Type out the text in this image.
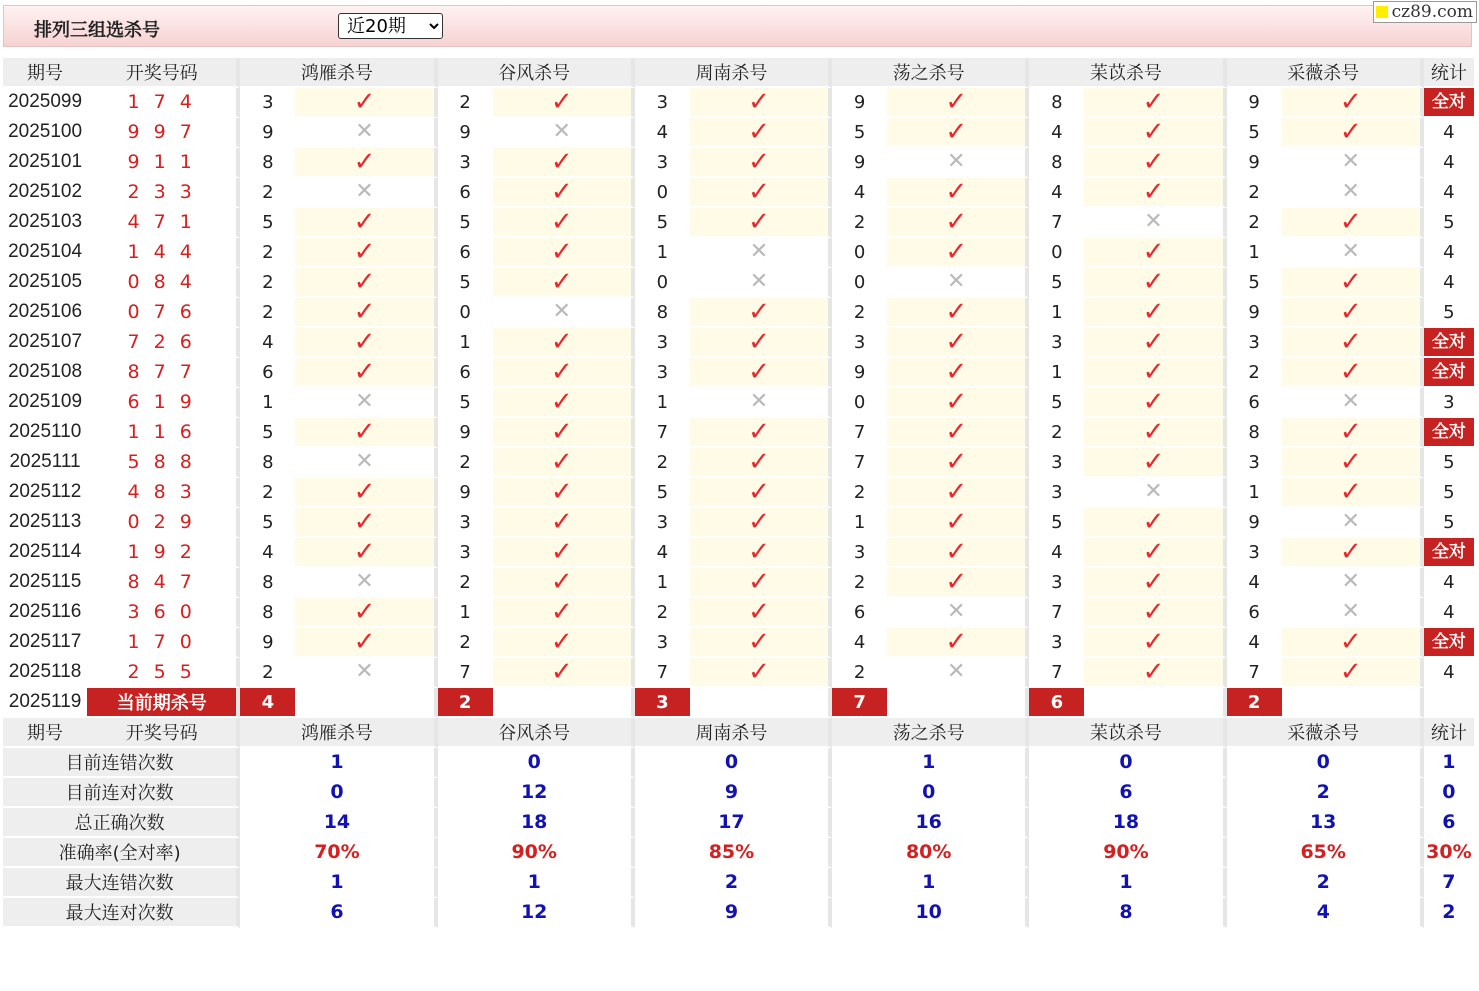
排列三组选杀号
近20期
cz89.com
期号	开奖号码	鸿雁杀号		谷风杀号		周南杀号		荡之杀号		苿苡杀号		采薇杀号		统计
2025099	1 7 4	3	✓	2	✓	3	✓	9	✓	8	✓	9	✓	全对

2025100	9 9 7	9	✕	9	✕	4	✓	5	✓	4	✓	5	✓	4
2025101	9 1 1	8	✓	3	✓	3	✓	9	✕	8	✓	9	✕	4
2025102	2 3 3	2	✕	6	✓	0	✓	4	✓	4	✓	2	✕	4
2025103	4 7 1	5	✓	5	✓	5	✓	2	✓	7	✕	2	✓	5
2025104	1 4 4	2	✓	6	✓	1	✕	0	✓	0	✓	1	✕	4
2025105	0 8 4	2	✓	5	✓	0	✕	0	✕	5	✓	5	✓	4
2025106	0 7 6	2	✓	0	✕	8	✓	2	✓	1	✓	9	✓	5
2025107	7 2 6	4	✓	1	✓	3	✓	3	✓	3	✓	3	✓	全对

2025108	8 7 7	6	✓	6	✓	3	✓	9	✓	1	✓	2	✓	全对

2025109	6 1 9	1	✕	5	✓	1	✕	0	✓	5	✓	6	✕	3
2025110	1 1 6	5	✓	9	✓	7	✓	7	✓	2	✓	8	✓	全对

2025111	5 8 8	8	✕	2	✓	2	✓	7	✓	3	✓	3	✓	5
2025112	4 8 3	2	✓	9	✓	5	✓	2	✓	3	✕	1	✓	5
2025113	0 2 9	5	✓	3	✓	3	✓	1	✓	5	✓	9	✕	5
2025114	1 9 2	4	✓	3	✓	4	✓	3	✓	4	✓	3	✓	全对

2025115	8 4 7	8	✕	2	✓	1	✓	2	✓	3	✓	4	✕	4
2025116	3 6 0	8	✓	1	✓	2	✓	6	✕	7	✓	6	✕	4
2025117	1 7 0	9	✓	2	✓	3	✓	4	✓	3	✓	4	✓	全对

2025118	2 5 5	2	✕	7	✓	7	✓	2	✕	7	✓	7	✓	4
2025119	当前期杀号	4		2		3		7		6		2		
期号	开奖号码	鸿雁杀号		谷风杀号		周南杀号		荡之杀号		苿苡杀号		采薇杀号		统计
目前连错次数		1		0		0		1		0		0		1
目前连对次数		0		12		9		0		6		2		0
总正确次数		14		18		17		16		18		13		6
准确率(全对率)		70%		90%		85%		80%		90%		65%		30%
最大连错次数		1		1		2		1		1		2		7
最大连对次数		6		12		9		10		8		4		2
